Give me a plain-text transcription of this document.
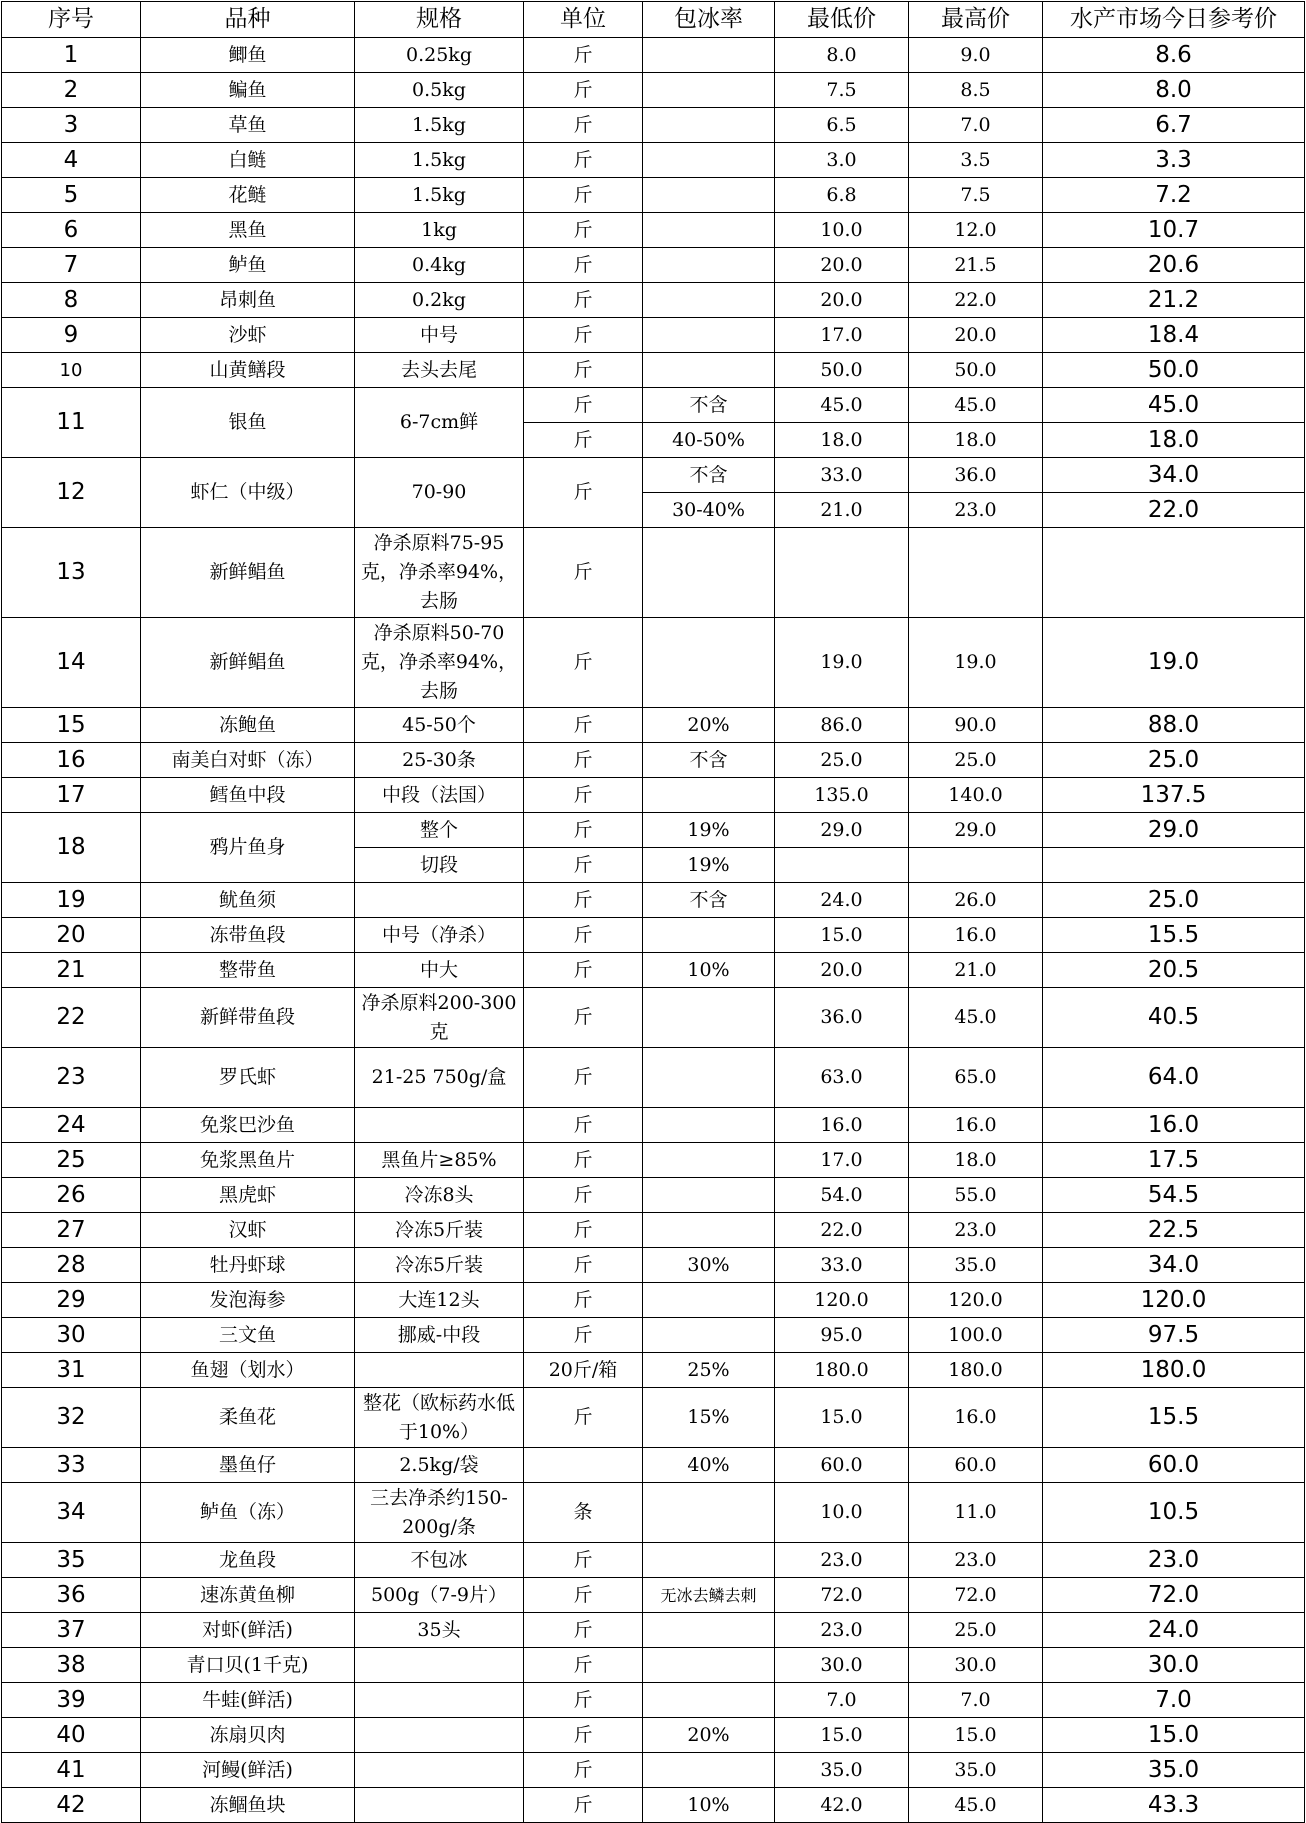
序号	品种	规格	单位	包冰率	最低价	最高价	水产市场今日参考价
1	鲫鱼	0.25kg	斤		8.0	9.0	8.6
2	鳊鱼	0.5kg	斤		7.5	8.5	8.0
3	草鱼	1.5kg	斤		6.5	7.0	6.7
4	白鲢	1.5kg	斤		3.0	3.5	3.3
5	花鲢	1.5kg	斤		6.8	7.5	7.2
6	黑鱼	1kg	斤		10.0	12.0	10.7
7	鲈鱼	0.4kg	斤		20.0	21.5	20.6
8	昂刺鱼	0.2kg	斤		20.0	22.0	21.2
9	沙虾	中号	斤		17.0	20.0	18.4
10	山黄鳝段	去头去尾	斤		50.0	50.0	50.0
11	银鱼	6-7cm鲜	斤	不含	45.0	45.0	45.0
			斤	40-50%	18.0	18.0	18.0
12	虾仁（中级）	70-90	斤	不含	33.0	36.0	34.0
				30-40%	21.0	23.0	22.0
13	新鲜鲳鱼	净杀原料75-95克，净杀率94%，去肠	斤				
14	新鲜鲳鱼	净杀原料50-70克，净杀率94%，去肠	斤		19.0	19.0	19.0
15	冻鲍鱼	45-50个	斤	20%	86.0	90.0	88.0
16	南美白对虾（冻）	25-30条	斤	不含	25.0	25.0	25.0
17	鳕鱼中段	中段（法国）	斤		135.0	140.0	137.5
18	鸦片鱼身	整个	斤	19%	29.0	29.0	29.0
		切段	斤	19%			
19	鱿鱼须		斤	不含	24.0	26.0	25.0
20	冻带鱼段	中号（净杀）	斤		15.0	16.0	15.5
21	整带鱼	中大	斤	10%	20.0	21.0	20.5
22	新鲜带鱼段	净杀原料200-300克	斤		36.0	45.0	40.5
23	罗氏虾	21-25 750g/盒	斤		63.0	65.0	64.0
24	免浆巴沙鱼		斤		16.0	16.0	16.0
25	免浆黑鱼片	黑鱼片≥85%	斤		17.0	18.0	17.5
26	黑虎虾	冷冻8头	斤		54.0	55.0	54.5
27	汉虾	冷冻5斤装	斤		22.0	23.0	22.5
28	牡丹虾球	冷冻5斤装	斤	30%	33.0	35.0	34.0
29	发泡海参	大连12头	斤		120.0	120.0	120.0
30	三文鱼	挪威-中段	斤		95.0	100.0	97.5
31	鱼翅（划水）		20斤/箱	25%	180.0	180.0	180.0
32	柔鱼花	整花（欧标药水低于10%）	斤	15%	15.0	16.0	15.5
33	墨鱼仔	2.5kg/袋		40%	60.0	60.0	60.0
34	鲈鱼（冻）	三去净杀约150-200g/条	条		10.0	11.0	10.5
35	龙鱼段	不包冰	斤		23.0	23.0	23.0
36	速冻黄鱼柳	500g（7-9片）	斤	无冰去鳞去刺	72.0	72.0	72.0
37	对虾(鲜活)	35头	斤		23.0	25.0	24.0
38	青口贝(1千克)		斤		30.0	30.0	30.0
39	牛蛙(鲜活)		斤		7.0	7.0	7.0
40	冻扇贝肉		斤	20%	15.0	15.0	15.0
41	河鳗(鲜活)		斤		35.0	35.0	35.0
42	冻鲴鱼块		斤	10%	42.0	45.0	43.3
